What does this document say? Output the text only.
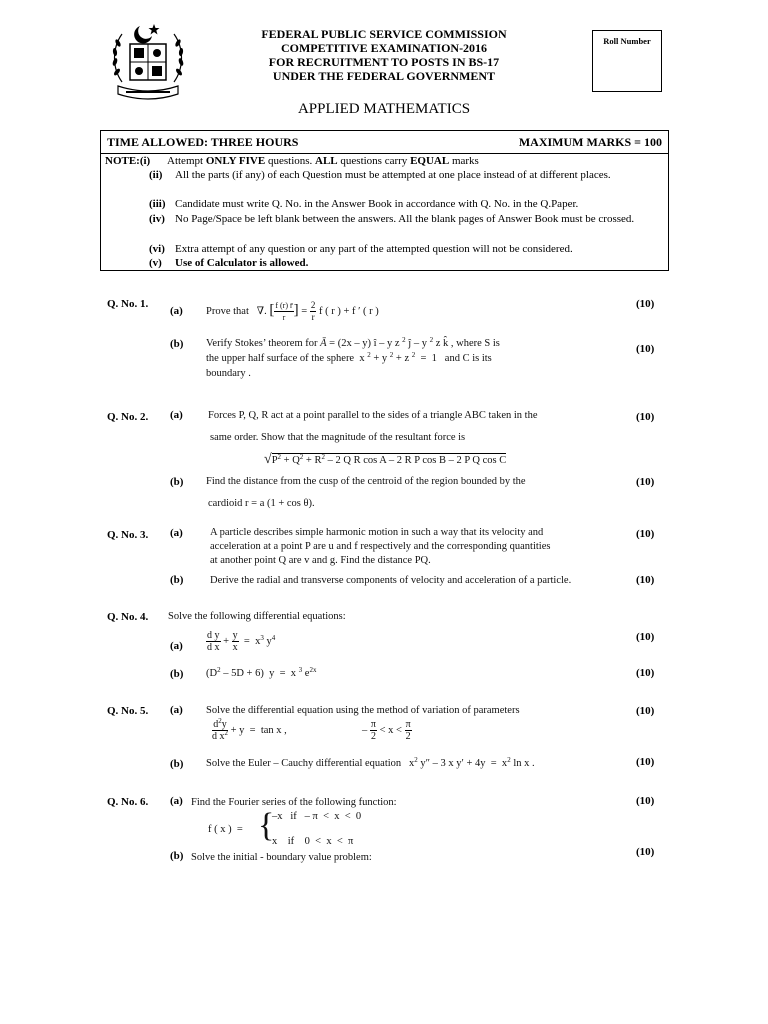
FEDERAL PUBLIC SERVICE COMMISSION
COMPETITIVE EXAMINATION-2016
FOR RECRUITMENT TO POSTS IN BS-17
UNDER THE FEDERAL GOVERNMENT
Roll Number
APPLIED MATHEMATICS
TIME ALLOWED: THREE HOURS	MAXIMUM MARKS = 100
NOTE:(i) Attempt ONLY FIVE questions. ALL questions carry EQUAL marks
(ii) All the parts (if any) of each Question must be attempted at one place instead of at different places.
(iii) Candidate must write Q. No. in the Answer Book in accordance with Q. No. in the Q.Paper.
(iv) No Page/Space be left blank between the answers. All the blank pages of Answer Book must be crossed.
(vi) Extra attempt of any question or any part of the attempted question will not be considered.
(v) Use of Calculator is allowed.
Q. No. 1.
(a)
(10)
Prove that   ∇. [ $\frac{f (r) r̄}{r}$ ] = $\frac{2}{r}$ f ( r ) + f ′ ( r )
(b)	(10)
Verify Stokes’ theorem for Ā = (2x – y) î – y z $^2$ ĵ – y $^2$ z k̂ , where S is
the upper half surface of the sphere  x $^2$ + y $^2$ + z $^2$  =  1   and C is its
boundary .
Q. No. 2. (a)	(10)
Forces P, Q, R act at a point parallel to the sides of a triangle ABC taken in the
same order. Show that the magnitude of the resultant force is
$√P^2 + Q^2 + R^2 - 2$ Q R cos A – 2 R P cos B – 2 P Q cos C
(b)	(10)
Find the distance from the cusp of the centroid of the region bounded by the
cardioid r = a (1 + cos θ).
Q. No. 3. (a)	(10)
A particle describes simple harmonic motion in such a way that its velocity and
acceleration at a point P are u and f respectively and the corresponding quantities
at another point Q are v and g. Find the distance PQ.
(b)	(10)
Derive the radial and transverse components of velocity and acceleration of a particle.
Q. No. 4. Solve the following differential equations:
(a)
(10)
$\frac{\text{d y}}{\text{d x}} + \frac{y}{x} = x^3$ $y^4$
(b)	(10)
$(D^2 - 5D + 6) y = x$ $^3$ $e^{2x}$
Q. No. 5. (a)	(10)
Solve the differential equation using the method of variation of parameters
$\frac{d^2y}{d x^2} + y = \tan x$ ,	– $\frac{\pi}{2} < x < \frac{\pi}{2}$
(b)	(10)
Solve the Euler – Cauchy differential equation   $x^2$ y″ – 3 x $y' + 4y = x^2$ ln x .
Q. No. 6. (a)	(10)
Find the Fourier series of the following function:
f ( x )  = {
–x   if   – π  <  x  <  0
x    if    0  <  x  <  π
(b)	(10)
Solve the initial - boundary value problem:
